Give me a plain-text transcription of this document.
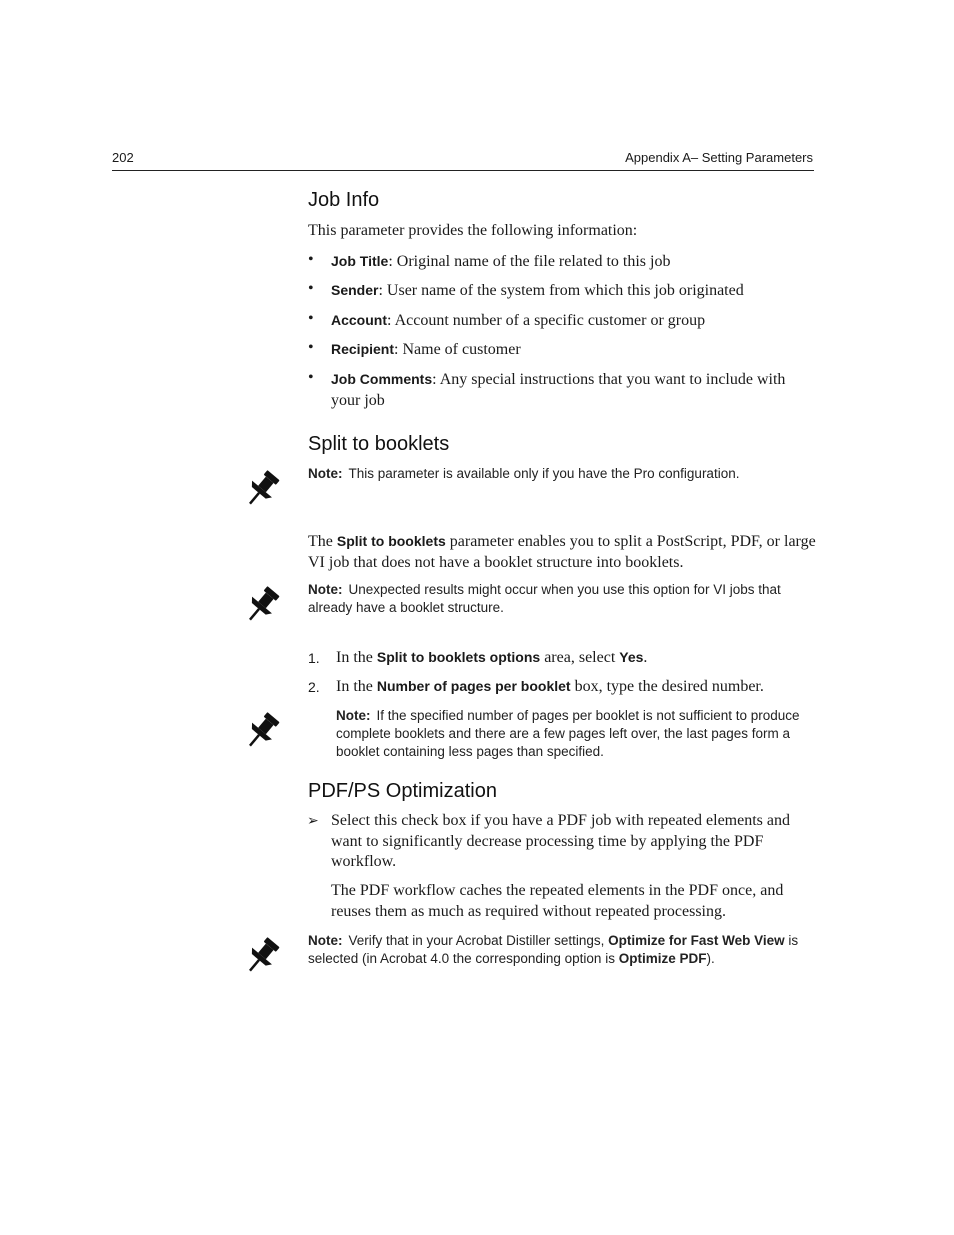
202	Appendix A– Setting Parameters
Job Info
This parameter provides the following information:
• Job Title: Original name of the file related to this job
• Sender: User name of the system from which this job originated
• Account: Account number of a specific customer or group
• Recipient: Name of customer
• Job Comments: Any special instructions that you want to include with your job
Split to booklets
Note: This parameter is available only if you have the Pro configuration.
The Split to booklets parameter enables you to split a PostScript, PDF, or large VI job that does not have a booklet structure into booklets.
Note: Unexpected results might occur when you use this option for VI jobs that already have a booklet structure.
1. In the Split to booklets options area, select Yes.
2. In the Number of pages per booklet box, type the desired number.
Note: If the specified number of pages per booklet is not sufficient to produce complete booklets and there are a few pages left over, the last pages form a booklet containing less pages than specified.
PDF/PS Optimization
➢ Select this check box if you have a PDF job with repeated elements and want to significantly decrease processing time by applying the PDF workflow.
The PDF workflow caches the repeated elements in the PDF once, and reuses them as much as required without repeated processing.
Note: Verify that in your Acrobat Distiller settings, Optimize for Fast Web View is selected (in Acrobat 4.0 the corresponding option is Optimize PDF).
